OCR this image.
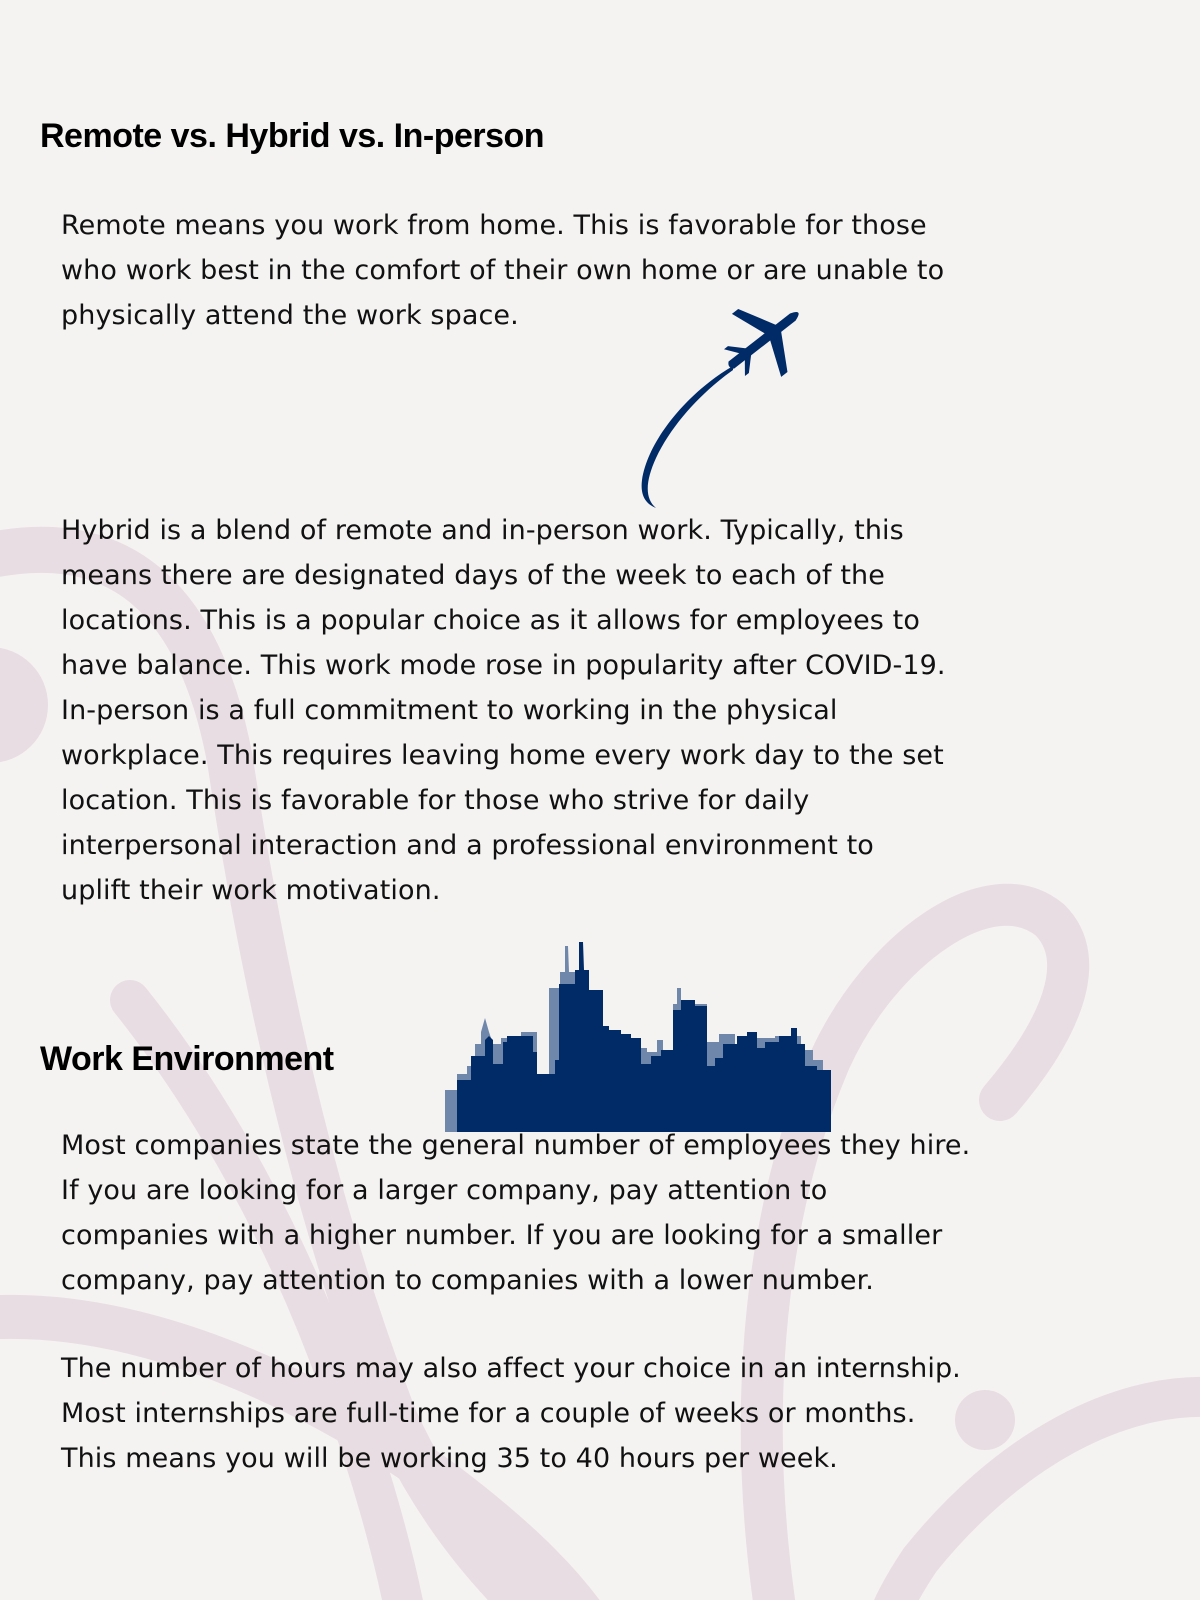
Remote vs. Hybrid vs. In-person

Remote means you work from home. This is favorable for those
who work best in the comfort of their own home or are unable to
physically attend the work space.

Hybrid is a blend of remote and in-person work. Typically, this
means there are designated days of the week to each of the
locations. This is a popular choice as it allows for employees to
have balance. This work mode rose in popularity after COVID-19.
In-person is a full commitment to working in the physical
workplace. This requires leaving home every work day to the set
location. This is favorable for those who strive for daily
interpersonal interaction and a professional environment to
uplift their work motivation.

Work Environment

Most companies state the general number of employees they hire.
If you are looking for a larger company, pay attention to
companies with a higher number. If you are looking for a smaller
company, pay attention to companies with a lower number.

The number of hours may also affect your choice in an internship.
Most internships are full-time for a couple of weeks or months.
This means you will be working 35 to 40 hours per week.
